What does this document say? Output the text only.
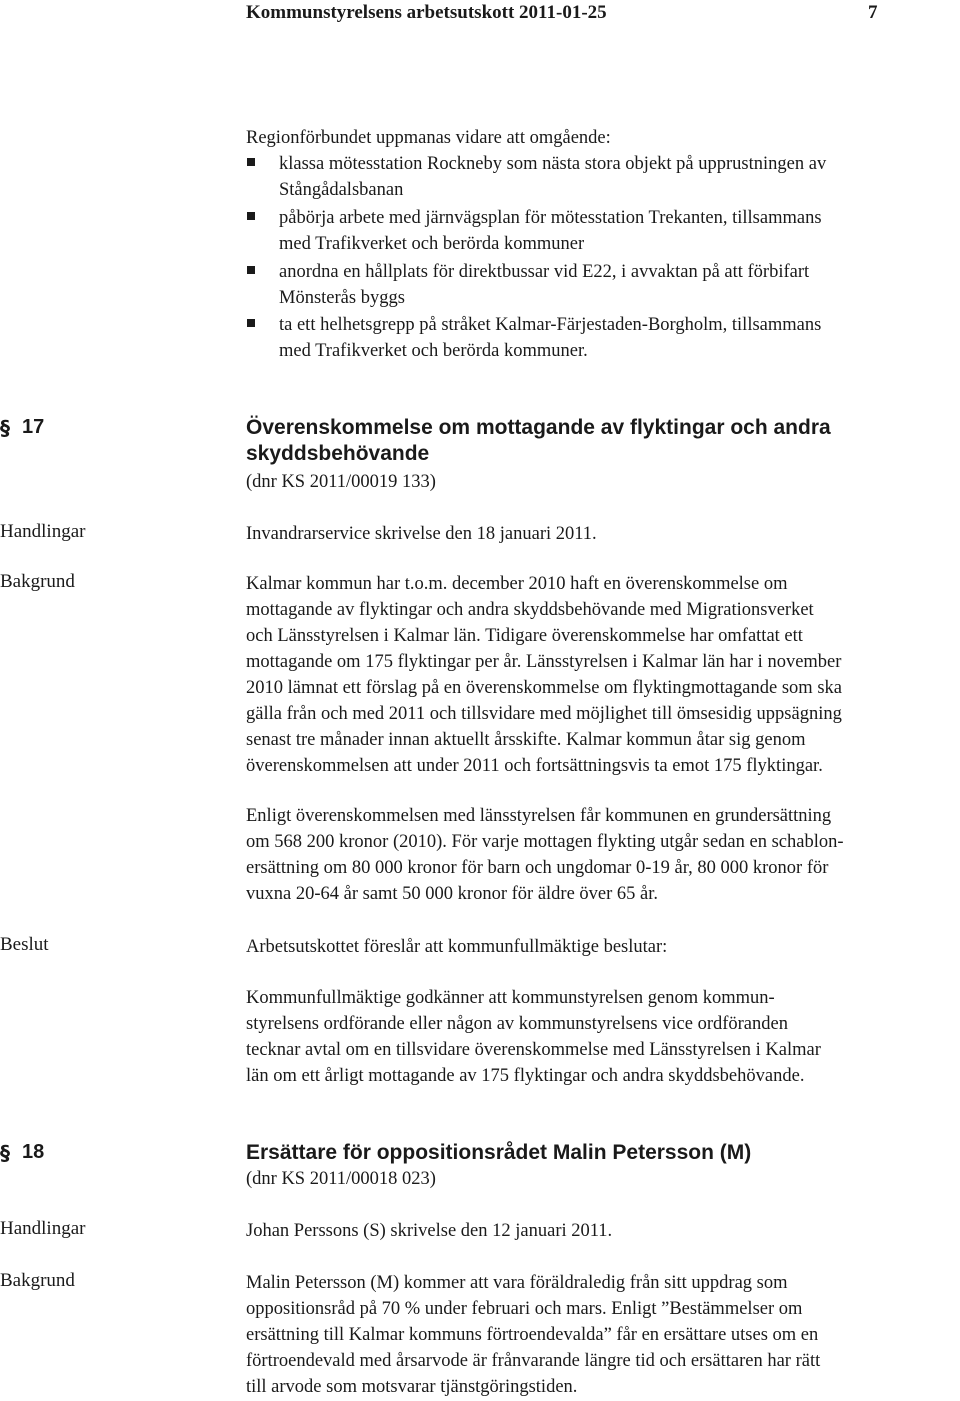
Kommunstyrelsens arbetsutskott 2011-01-25	7
Regionförbundet uppmanas vidare att omgående:
klassa mötesstation Rockneby som nästa stora objekt på upprustningen av
Stångådalsbanan
påbörja arbete med järnvägsplan för mötesstation Trekanten, tillsammans
med Trafikverket och berörda kommuner
anordna en hållplats för direktbussar vid E22, i avvaktan på att förbifart
Mönsterås byggs
ta ett helhetsgrepp på stråket Kalmar-Färjestaden-Borgholm, tillsammans
med Trafikverket och berörda kommuner.
§ 17	Överenskommelse om mottagande av flyktingar och andra
skyddsbehövande
(dnr KS 2011/00019 133)
Handlingar	Invandrarservice skrivelse den 18 januari 2011.
Bakgrund	Kalmar kommun har t.o.m. december 2010 haft en överenskommelse om
mottagande av flyktingar och andra skyddsbehövande med Migrationsverket
och Länsstyrelsen i Kalmar län. Tidigare överenskommelse har omfattat ett
mottagande om 175 flyktingar per år. Länsstyrelsen i Kalmar län har i november
2010 lämnat ett förslag på en överenskommelse om flyktingmottagande som ska
gälla från och med 2011 och tillsvidare med möjlighet till ömsesidig uppsägning
senast tre månader innan aktuellt årsskifte. Kalmar kommun åtar sig genom
överenskommelsen att under 2011 och fortsättningsvis ta emot 175 flyktingar.
Enligt överenskommelsen med länsstyrelsen får kommunen en grundersättning
om 568 200 kronor (2010). För varje mottagen flykting utgår sedan en schablon-
ersättning om 80 000 kronor för barn och ungdomar 0-19 år, 80 000 kronor för
vuxna 20-64 år samt 50 000 kronor för äldre över 65 år.
Beslut	Arbetsutskottet föreslår att kommunfullmäktige beslutar:
Kommunfullmäktige godkänner att kommunstyrelsen genom kommun-
styrelsens ordförande eller någon av kommunstyrelsens vice ordföranden
tecknar avtal om en tillsvidare överenskommelse med Länsstyrelsen i Kalmar
län om ett årligt mottagande av 175 flyktingar och andra skyddsbehövande.
§ 18	Ersättare för oppositionsrådet Malin Petersson (M)
(dnr KS 2011/00018 023)
Handlingar	Johan Perssons (S) skrivelse den 12 januari 2011.
Bakgrund	Malin Petersson (M) kommer att vara föräldraledig från sitt uppdrag som
oppositionsråd på 70 % under februari och mars. Enligt ”Bestämmelser om
ersättning till Kalmar kommuns förtroendevalda” får en ersättare utses om en
förtroendevald med årsarvode är frånvarande längre tid och ersättaren har rätt
till arvode som motsvarar tjänstgöringstiden.
